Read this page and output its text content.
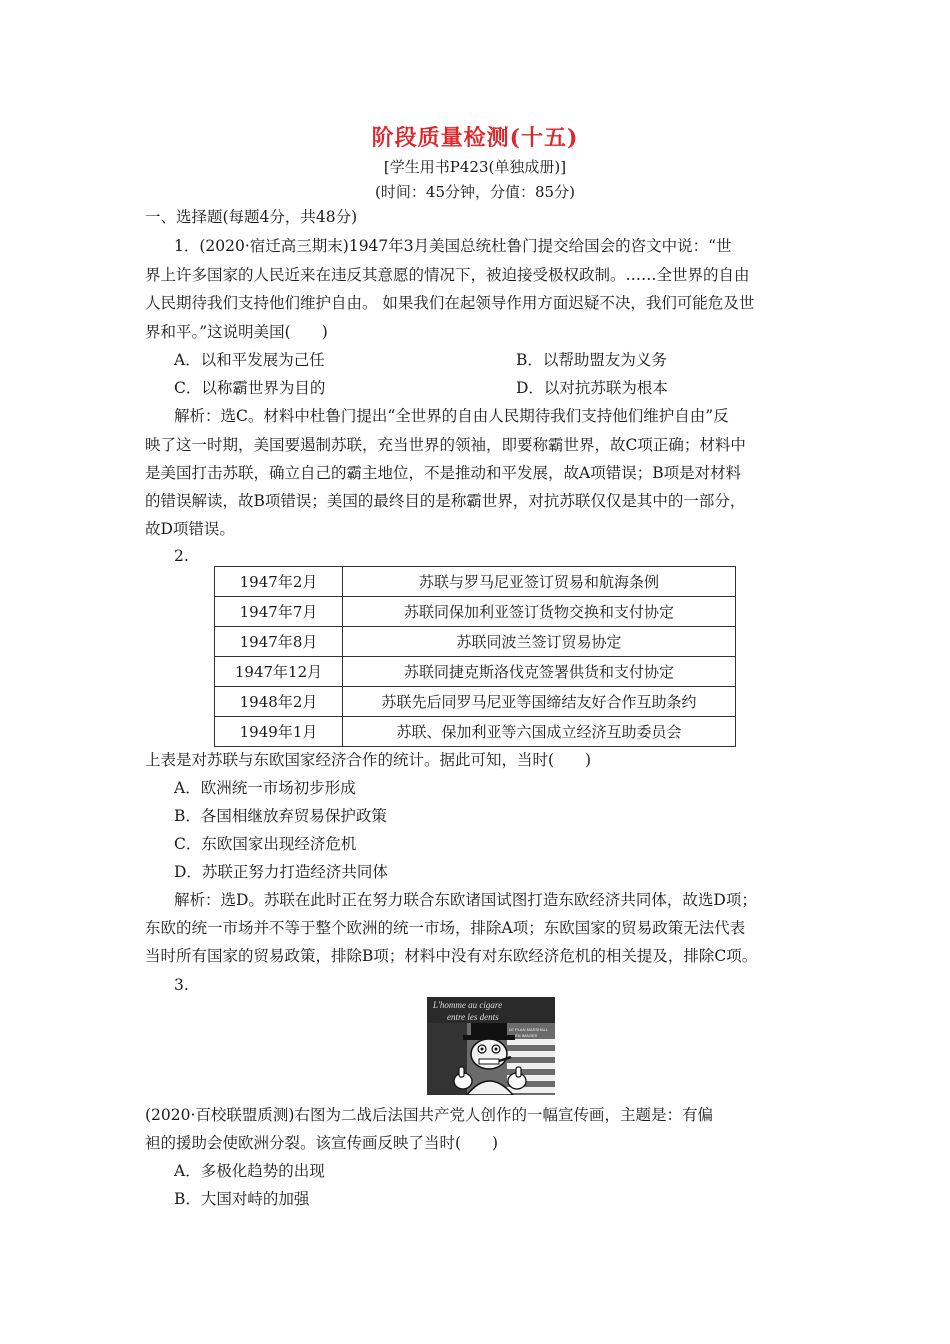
阶段质量检测(十五)
[学生用书P423(单独成册)]
(时间：45分钟，分值：85分)
一、选择题(每题4分，共48分)
1．(2020·宿迁高三期末)1947年3月美国总统杜鲁门提交给国会的咨文中说：“世
界上许多国家的人民近来在违反其意愿的情况下，被迫接受极权政制。……全世界的自由
人民期待我们支持他们维护自由。 如果我们在起领导作用方面迟疑不决，我们可能危及世
界和平。”这说明美国(　　)
A．以和平发展为己任	B．以帮助盟友为义务
C．以称霸世界为目的	D．以对抗苏联为根本
解析：选C。材料中杜鲁门提出“全世界的自由人民期待我们支持他们维护自由”反
映了这一时期，美国要遏制苏联，充当世界的领袖，即要称霸世界，故C项正确；材料中
是美国打击苏联，确立自己的霸主地位，不是推动和平发展，故A项错误；B项是对材料
的错误解读，故B项错误；美国的最终目的是称霸世界，对抗苏联仅仅是其中的一部分，
故D项错误。
2.
1947年2月	苏联与罗马尼亚签订贸易和航海条例
1947年7月	苏联同保加利亚签订货物交换和支付协定
1947年8月	苏联同波兰签订贸易协定
1947年12月	苏联同捷克斯洛伐克签署供货和支付协定
1948年2月	苏联先后同罗马尼亚等国缔结友好合作互助条约
1949年1月	苏联、保加利亚等六国成立经济互助委员会
上表是对苏联与东欧国家经济合作的统计。据此可知，当时(　　)
A．欧洲统一市场初步形成
B．各国相继放弃贸易保护政策
C．东欧国家出现经济危机
D．苏联正努力打造经济共同体
解析：选D。苏联在此时正在努力联合东欧诸国试图打造东欧经济共同体，故选D项；
东欧的统一市场并不等于整个欧洲的统一市场，排除A项；东欧国家的贸易政策无法代表
当时所有国家的贸易政策，排除B项；材料中没有对东欧经济危机的相关提及，排除C项。
3.
L'homme au cigare
entre les dents
LE PLAN MARSHALL
EN IMAGES
(2020·百校联盟质测)右图为二战后法国共产党人创作的一幅宣传画，主题是：有偏
袒的援助会使欧洲分裂。该宣传画反映了当时(　　)
A．多极化趋势的出现
B．大国对峙的加强
